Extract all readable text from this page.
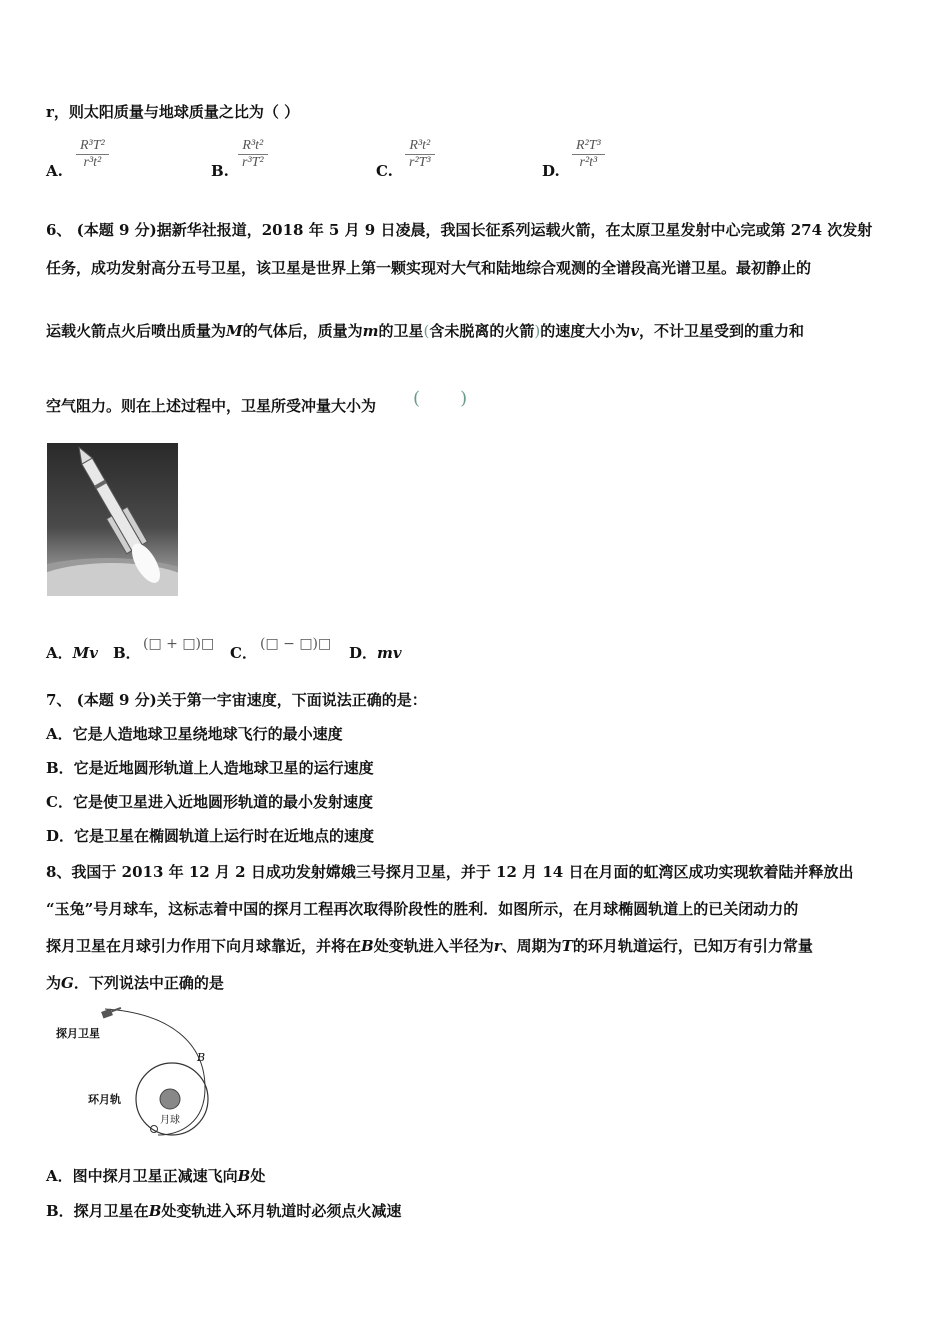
r，则太阳质量与地球质量之比为（ ）
A. $\frac{\text{R³T²}}{\text{r³t²}}$	B. $\frac{\text{R³t²}}{\text{r³T²}}$	C. $\frac{\text{R³t²}}{\text{r²T³}}$	D. $\frac{\text{R²T³}}{\text{r²t³}}$
6、 (本题 9 分)据新华社报道，2018 年 5 月 9 日凌晨，我国长征系列运载火箭，在太原卫星发射中心完或第 274 次发射
任务，成功发射高分五号卫星，该卫星是世界上第一颗实现对大气和陆地综合观测的全谱段高光谱卫星。最初静止的
运载火箭点火后喷出质量为M的气体后，质量为m的卫星(含未脱离的火箭)的速度大小为v，不计卫星受到的重力和
空气阻力。则在上述过程中，卫星所受冲量大小为 (       )
A．Mv B． (□ + □)□ C． (□ − □)□ D．mv
7、 (本题 9 分)关于第一宇宙速度，下面说法正确的是：
A．它是人造地球卫星绕地球飞行的最小速度
B．它是近地圆形轨道上人造地球卫星的运行速度
C．它是使卫星进入近地圆形轨道的最小发射速度
D．它是卫星在椭圆轨道上运行时在近地点的速度
8、我国于 2013 年 12 月 2 日成功发射嫦娥三号探月卫星，并于 12 月 14 日在月面的虹湾区成功实现软着陆并释放出
“玉兔”号月球车，这标志着中国的探月工程再次取得阶段性的胜利．如图所示，在月球椭圆轨道上的已关闭动力的
探月卫星在月球引力作用下向月球靠近，并将在B处变轨进入半径为r、周期为T的环月轨道运行，已知万有引力常量
为G．下列说法中正确的是
探月卫星
环月轨
月球
B
A．图中探月卫星正减速飞向B处
B．探月卫星在B处变轨进入环月轨道时必须点火减速
